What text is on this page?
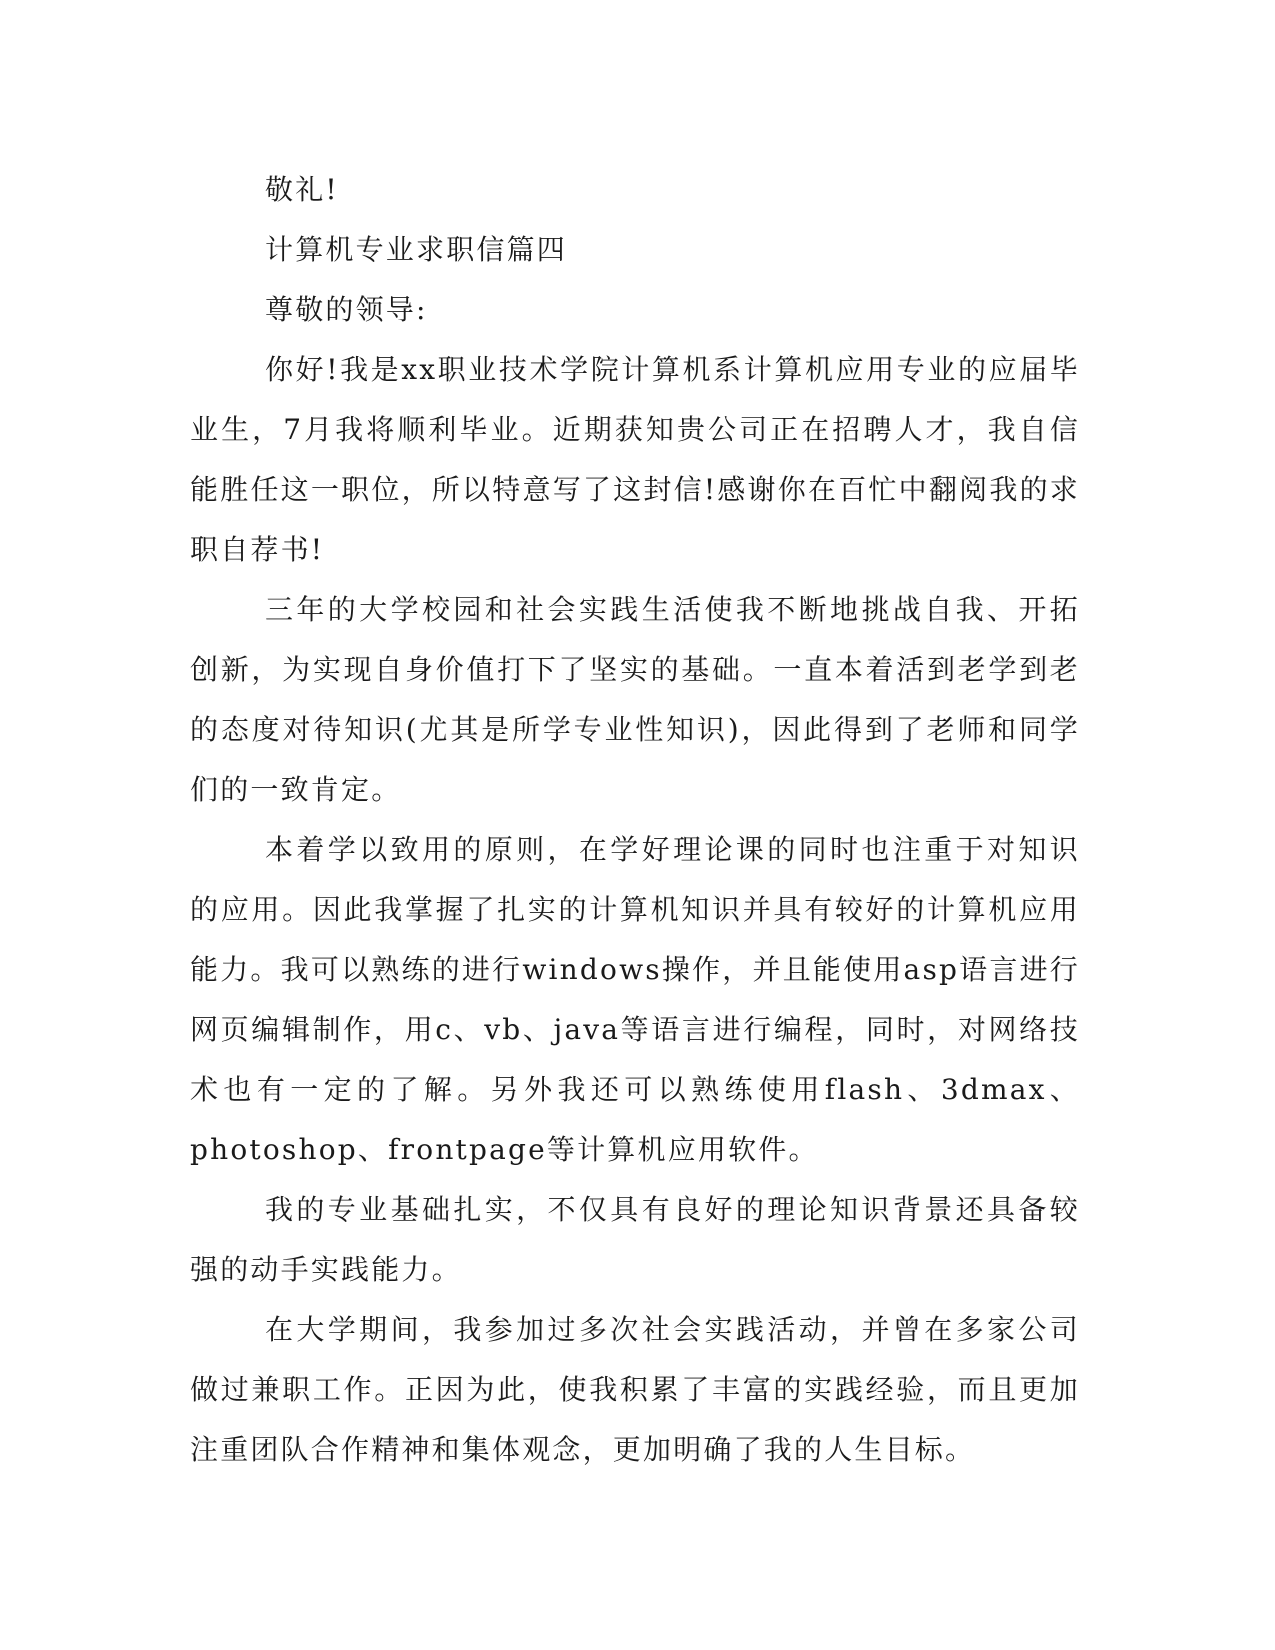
敬礼!

计算机专业求职信篇四

尊敬的领导:

你好!我是xx职业技术学院计算机系计算机应用专业的应届毕业生，7月我将顺利毕业。近期获知贵公司正在招聘人才，我自信能胜任这一职位，所以特意写了这封信!感谢你在百忙中翻阅我的求职自荐书!

三年的大学校园和社会实践生活使我不断地挑战自我、开拓创新，为实现自身价值打下了坚实的基础。一直本着活到老学到老的态度对待知识(尤其是所学专业性知识)，因此得到了老师和同学们的一致肯定。

本着学以致用的原则，在学好理论课的同时也注重于对知识的应用。因此我掌握了扎实的计算机知识并具有较好的计算机应用能力。我可以熟练的进行windows操作，并且能使用asp语言进行网页编辑制作，用c、vb、java等语言进行编程，同时，对网络技术也有一定的了解。另外我还可以熟练使用flash、3dmax、photoshop、frontpage等计算机应用软件。

我的专业基础扎实，不仅具有良好的理论知识背景还具备较强的动手实践能力。

在大学期间，我参加过多次社会实践活动，并曾在多家公司做过兼职工作。正因为此，使我积累了丰富的实践经验，而且更加注重团队合作精神和集体观念，更加明确了我的人生目标。
